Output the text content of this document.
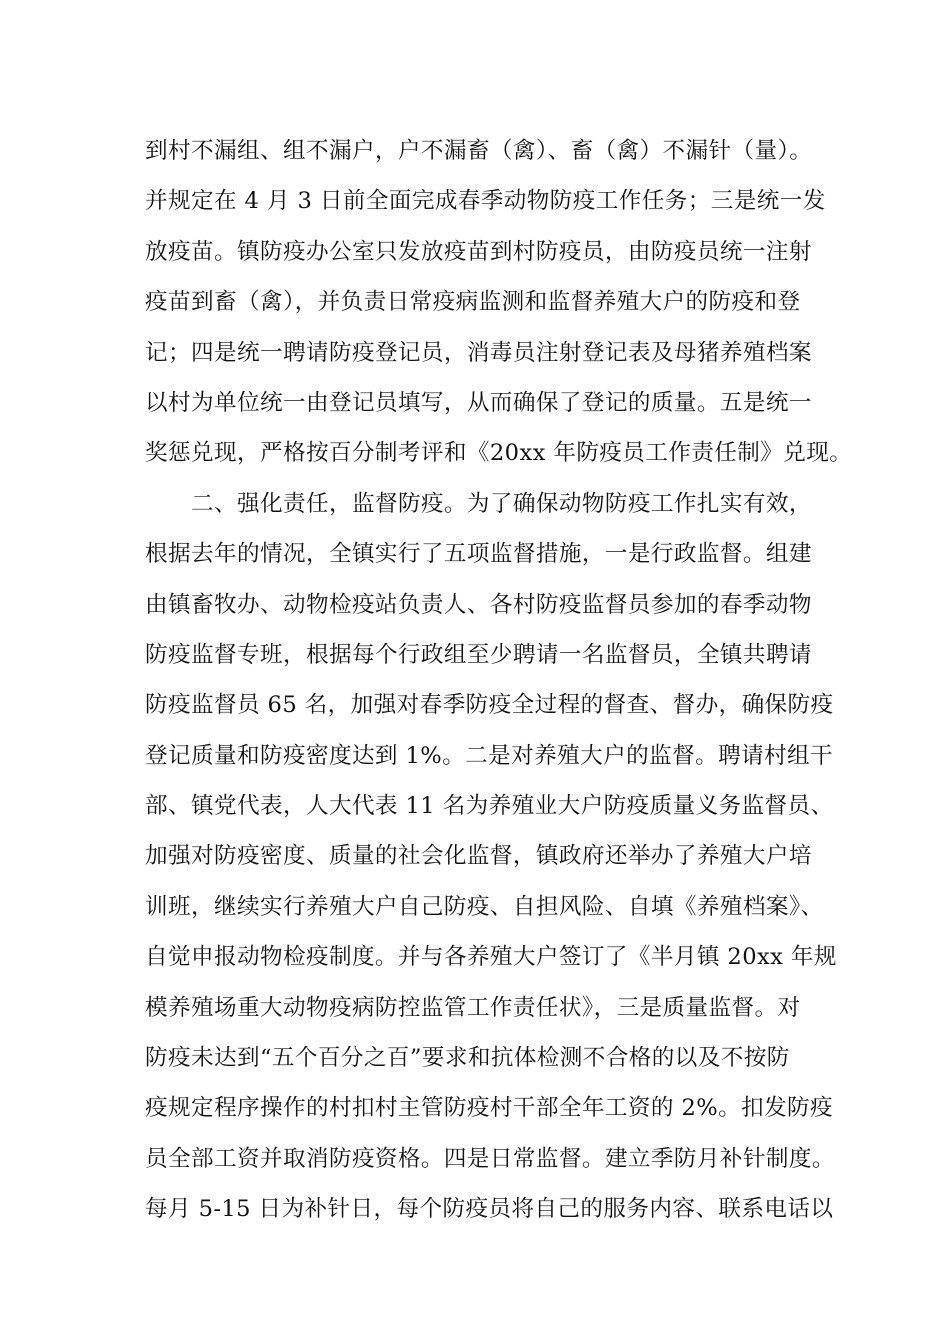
到村不漏组、组不漏户，户不漏畜（禽）、畜（禽）不漏针（量）。
并规定在 4 月 3 日前全面完成春季动物防疫工作任务；三是统一发
放疫苗。镇防疫办公室只发放疫苗到村防疫员，由防疫员统一注射
疫苗到畜（禽），并负责日常疫病监测和监督养殖大户的防疫和登
记；四是统一聘请防疫登记员，消毒员注射登记表及母猪养殖档案
以村为单位统一由登记员填写，从而确保了登记的质量。五是统一
奖惩兑现，严格按百分制考评和《20xx 年防疫员工作责任制》兑现。
二、强化责任，监督防疫。为了确保动物防疫工作扎实有效，
根据去年的情况，全镇实行了五项监督措施，一是行政监督。组建
由镇畜牧办、动物检疫站负责人、各村防疫监督员参加的春季动物
防疫监督专班，根据每个行政组至少聘请一名监督员，全镇共聘请
防疫监督员 65 名，加强对春季防疫全过程的督查、督办，确保防疫
登记质量和防疫密度达到 1%。二是对养殖大户的监督。聘请村组干
部、镇党代表，人大代表 11 名为养殖业大户防疫质量义务监督员、
加强对防疫密度、质量的社会化监督，镇政府还举办了养殖大户培
训班，继续实行养殖大户自己防疫、自担风险、自填《养殖档案》、
自觉申报动物检疫制度。并与各养殖大户签订了《半月镇 20xx 年规
模养殖场重大动物疫病防控监管工作责任状》，三是质量监督。对
防疫未达到“五个百分之百”要求和抗体检测不合格的以及不按防
疫规定程序操作的村扣村主管防疫村干部全年工资的 2%。扣发防疫
员全部工资并取消防疫资格。四是日常监督。建立季防月补针制度。
每月 5-15 日为补针日，每个防疫员将自己的服务内容、联系电话以
